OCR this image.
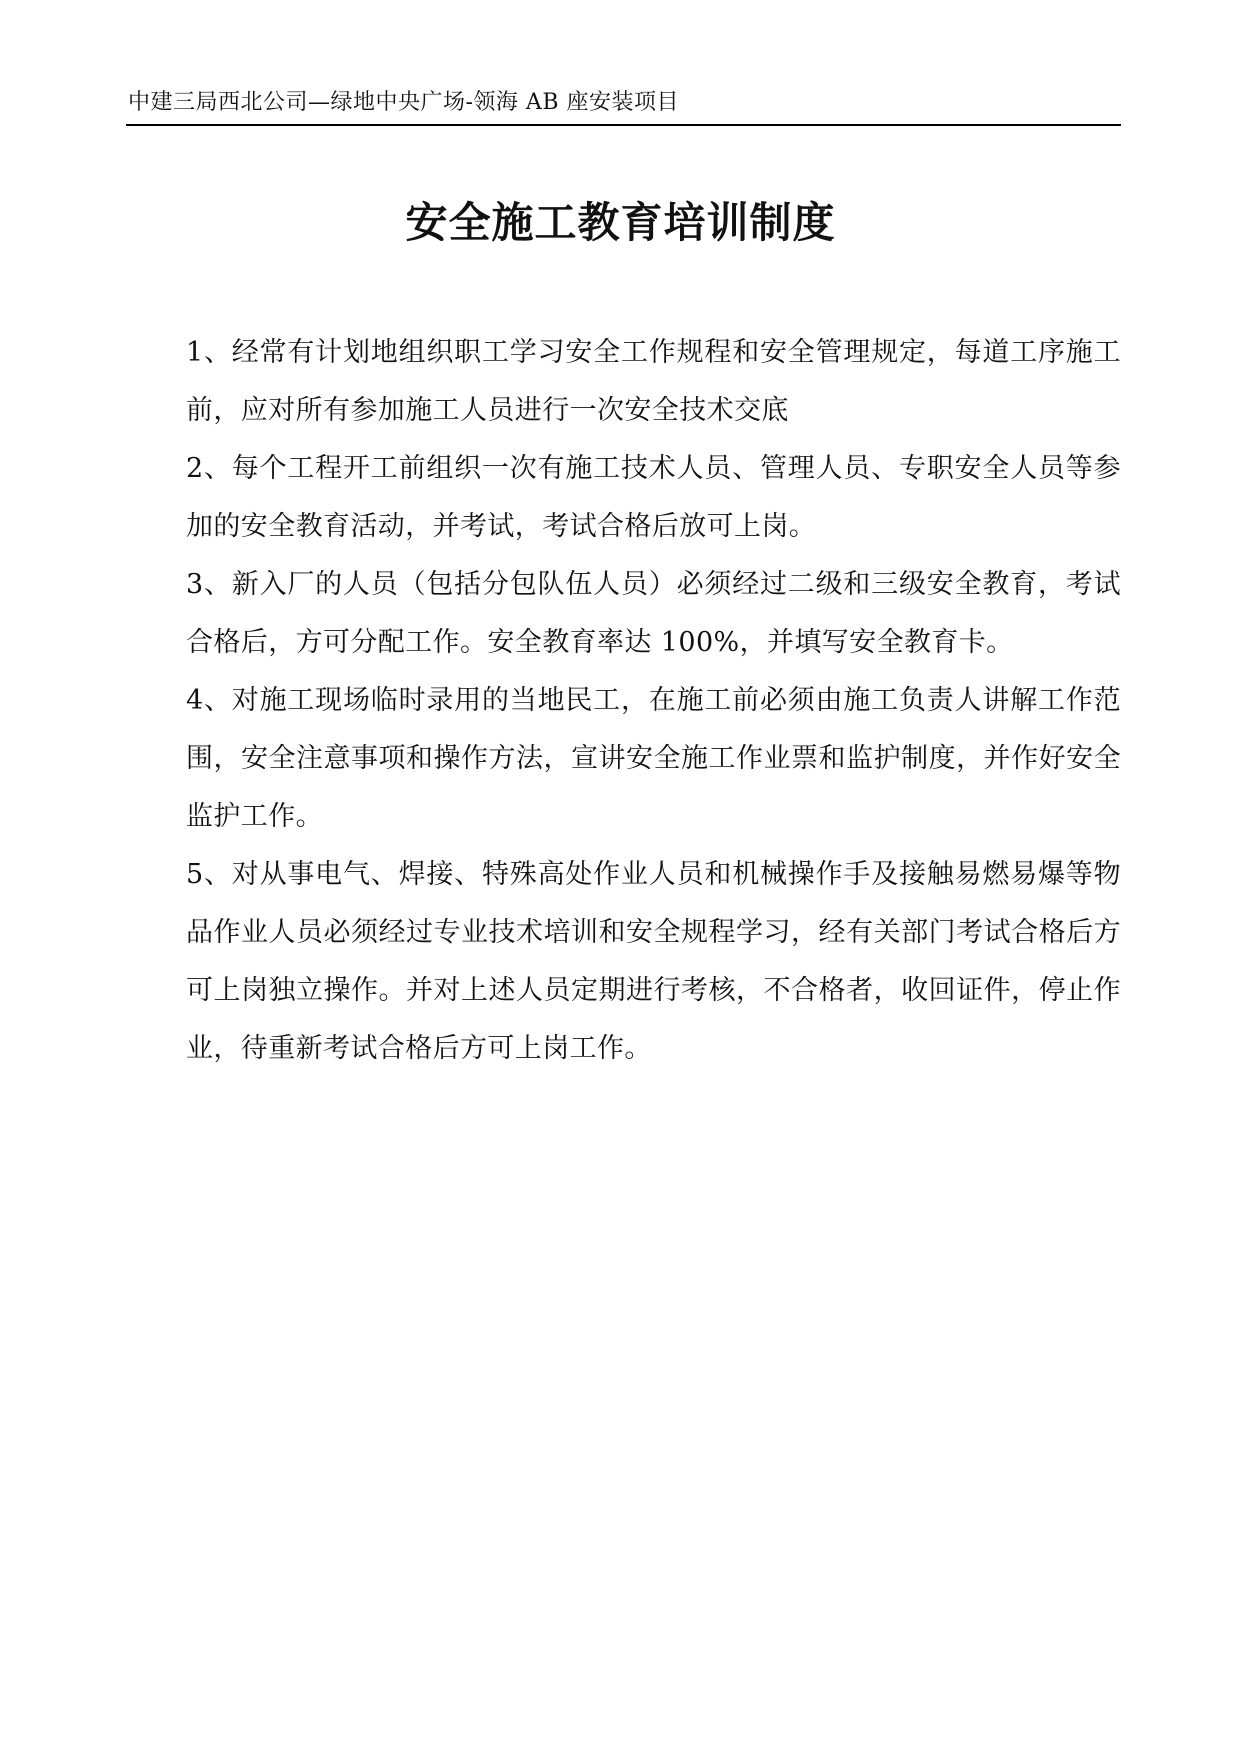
中建三局西北公司—绿地中央广场-领海 AB 座安装项目
安全施工教育培训制度

1、经常有计划地组织职工学习安全工作规程和安全管理规定，每道工序施工前，应对所有参加施工人员进行一次安全技术交底

2、每个工程开工前组织一次有施工技术人员、管理人员、专职安全人员等参加的安全教育活动，并考试，考试合格后放可上岗。

3、新入厂的人员（包括分包队伍人员）必须经过二级和三级安全教育，考试合格后，方可分配工作。安全教育率达 100%，并填写安全教育卡。

4、对施工现场临时录用的当地民工，在施工前必须由施工负责人讲解工作范围，安全注意事项和操作方法，宣讲安全施工作业票和监护制度，并作好安全监护工作。

5、对从事电气、焊接、特殊高处作业人员和机械操作手及接触易燃易爆等物品作业人员必须经过专业技术培训和安全规程学习，经有关部门考试合格后方可上岗独立操作。并对上述人员定期进行考核，不合格者，收回证件，停止作业，待重新考试合格后方可上岗工作。
